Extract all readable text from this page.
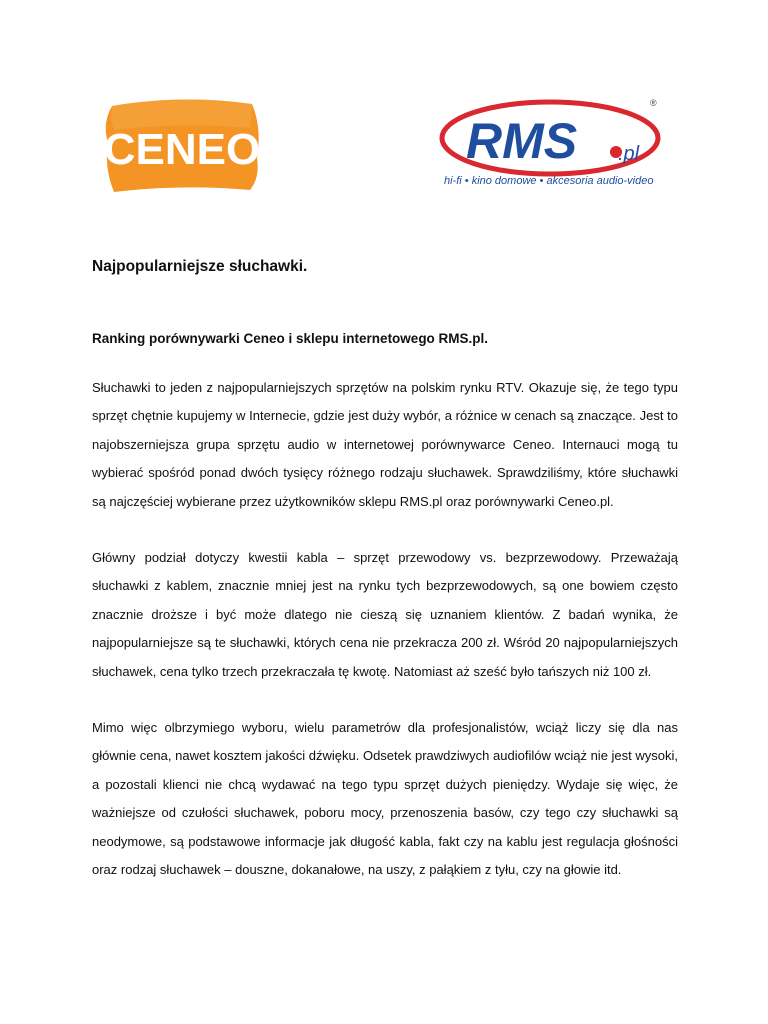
CENEO
®
RMS .pl
hi-fi • kino domowe • akcesoria audio-video
Najpopularniejsze słuchawki.
Ranking porównywarki Ceneo i sklepu internetowego RMS.pl.

Słuchawki to jeden z najpopularniejszych sprzętów na polskim rynku RTV. Okazuje się, że tego typu sprzęt chętnie kupujemy w Internecie, gdzie jest duży wybór, a różnice w cenach są znaczące. Jest to najobszerniejsza grupa sprzętu audio w internetowej porównywarce Ceneo. Internauci mogą tu wybierać spośród ponad dwóch tysięcy różnego rodzaju słuchawek. Sprawdziliśmy, które słuchawki są najczęściej wybierane przez użytkowników sklepu RMS.pl oraz porównywarki Ceneo.pl.

Główny podział dotyczy kwestii kabla – sprzęt przewodowy vs. bezprzewodowy. Przeważają słuchawki z kablem, znacznie mniej jest na rynku tych bezprzewodowych, są one bowiem często znacznie droższe i być może dlatego nie cieszą się uznaniem klientów. Z badań wynika, że najpopularniejsze są te słuchawki, których cena nie przekracza 200 zł. Wśród 20 najpopularniejszych słuchawek, cena tylko trzech przekraczała tę kwotę. Natomiast aż sześć było tańszych niż 100 zł.

Mimo więc olbrzymiego wyboru, wielu parametrów dla profesjonalistów, wciąż liczy się dla nas głównie cena, nawet kosztem jakości dźwięku. Odsetek prawdziwych audiofilów wciąż nie jest wysoki, a pozostali klienci nie chcą wydawać na tego typu sprzęt dużych pieniędzy. Wydaje się więc, że ważniejsze od czułości słuchawek, poboru mocy, przenoszenia basów, czy tego czy słuchawki są neodymowe, są podstawowe informacje jak długość kabla, fakt czy na kablu jest regulacja głośności oraz rodzaj słuchawek – douszne, dokanałowe, na uszy, z pałąkiem z tyłu, czy na głowie itd.
